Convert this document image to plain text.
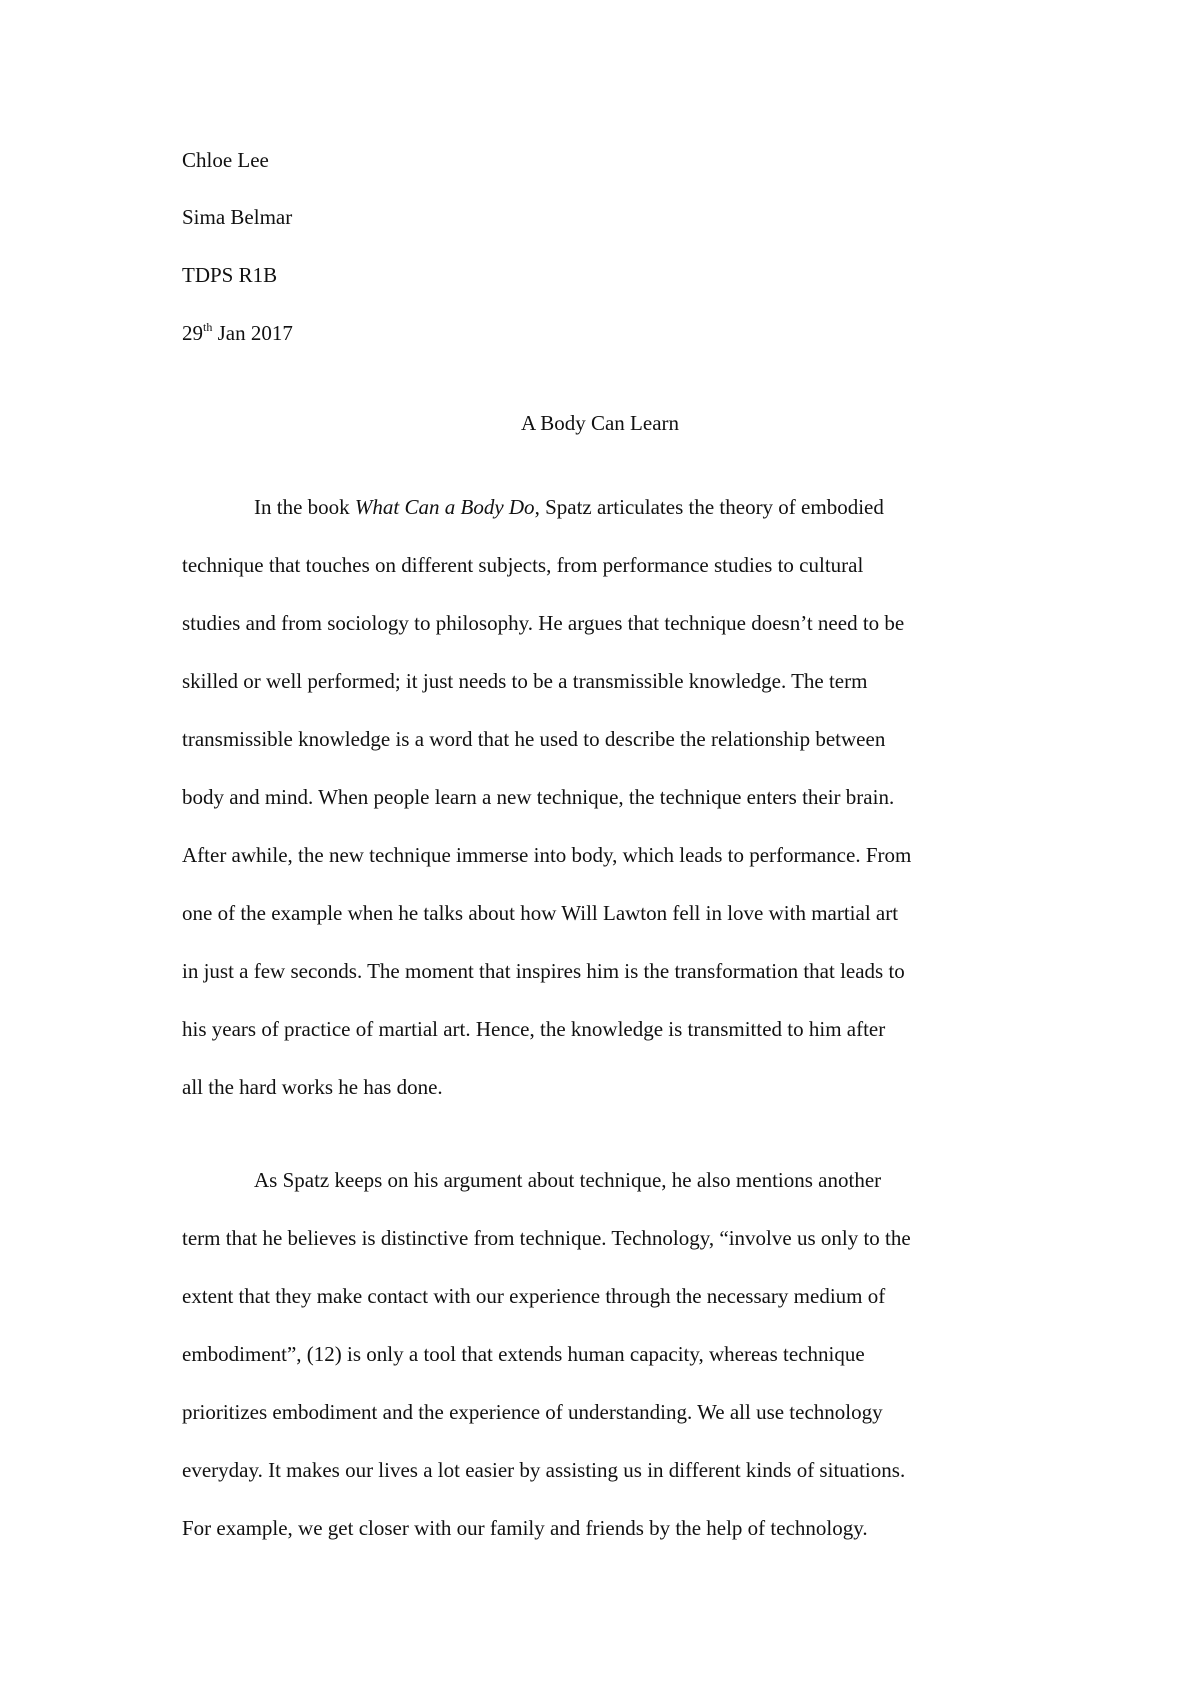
Chloe Lee
Sima Belmar
TDPS R1B
29th Jan 2017
A Body Can Learn
In the book What Can a Body Do, Spatz articulates the theory of embodied
technique that touches on different subjects, from performance studies to cultural
studies and from sociology to philosophy. He argues that technique doesn’t need to be
skilled or well performed; it just needs to be a transmissible knowledge. The term
transmissible knowledge is a word that he used to describe the relationship between
body and mind. When people learn a new technique, the technique enters their brain.
After awhile, the new technique immerse into body, which leads to performance. From
one of the example when he talks about how Will Lawton fell in love with martial art
in just a few seconds. The moment that inspires him is the transformation that leads to
his years of practice of martial art. Hence, the knowledge is transmitted to him after
all the hard works he has done.
As Spatz keeps on his argument about technique, he also mentions another
term that he believes is distinctive from technique. Technology, “involve us only to the
extent that they make contact with our experience through the necessary medium of
embodiment”, (12) is only a tool that extends human capacity, whereas technique
prioritizes embodiment and the experience of understanding. We all use technology
everyday. It makes our lives a lot easier by assisting us in different kinds of situations.
For example, we get closer with our family and friends by the help of technology.
